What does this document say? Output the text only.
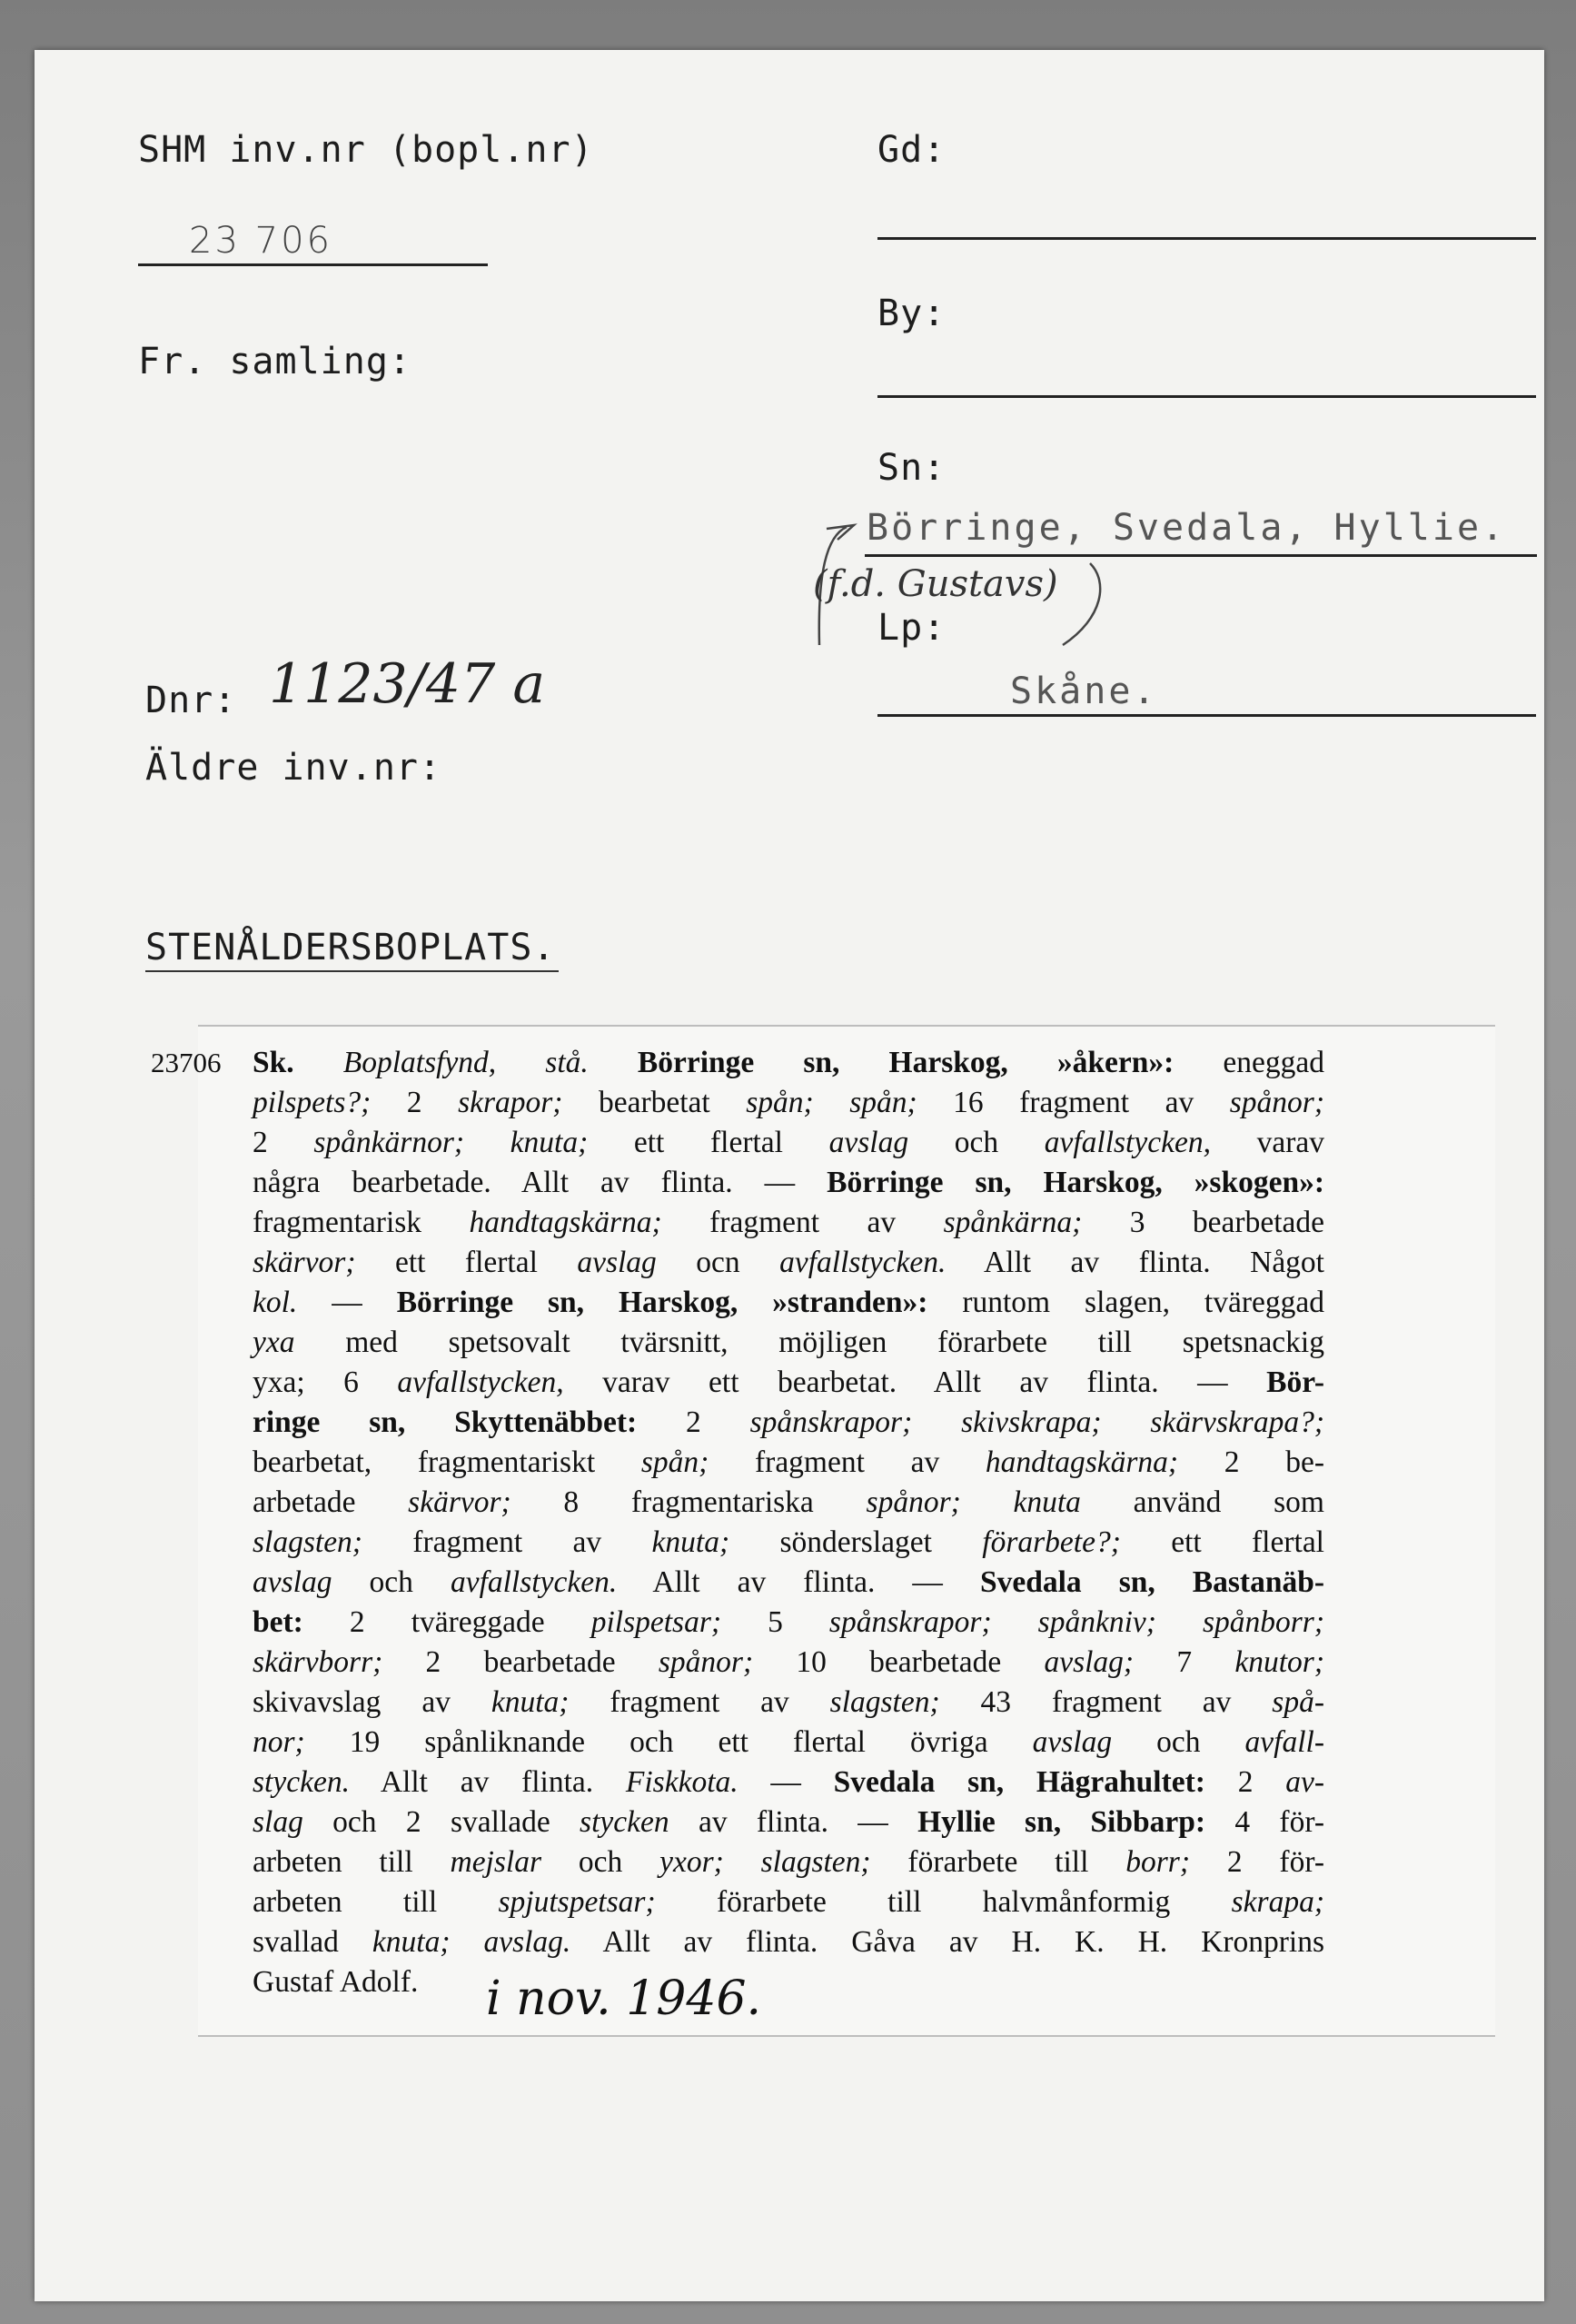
SHM inv.nr (bopl.nr)
23 706
Fr. samling:
Gd:
By:
Sn:
Börringe, Svedala, Hyllie.
(f.d. Gustavs)
Lp:
Skåne.
Dnr: 1123/47 a
Äldre inv.nr:
STENÅLDERSBOPLATS.
23706 Sk. Boplatsfynd, stå. Börringe sn, Harskog, »åkern»: eneggad
pilspets?; 2 skrapor; bearbetat spån; spån; 16 fragment av spånor;
2 spånkärnor; knuta; ett flertal avslag och avfallstycken, varav
några bearbetade. Allt av flinta. — Börringe sn, Harskog, »skogen»:
fragmentarisk handtagskärna; fragment av spånkärna; 3 bearbetade
skärvor; ett flertal avslag ocn avfallstycken. Allt av flinta. Något
kol. — Börringe sn, Harskog, »stranden»: runtom slagen, tväreggad
yxa med spetsovalt tvärsnitt, möjligen förarbete till spetsnackig
yxa; 6 avfallstycken, varav ett bearbetat. Allt av flinta. — Bör-
ringe sn, Skyttenäbbet: 2 spånskrapor; skivskrapa; skärvskrapa?;
bearbetat, fragmentariskt spån; fragment av handtagskärna; 2 be-
arbetade skärvor; 8 fragmentariska spånor; knuta använd som
slagsten; fragment av knuta; sönderslaget förarbete?; ett flertal
avslag och avfallstycken. Allt av flinta. — Svedala sn, Bastanäb-
bet: 2 tväreggade pilspetsar; 5 spånskrapor; spånkniv; spånborr;
skärvborr; 2 bearbetade spånor; 10 bearbetade avslag; 7 knutor;
skivavslag av knuta; fragment av slagsten; 43 fragment av spå-
nor; 19 spånliknande och ett flertal övriga avslag och avfall-
stycken. Allt av flinta. Fiskkota. — Svedala sn, Hägrahultet: 2 av-
slag och 2 svallade stycken av flinta. — Hyllie sn, Sibbarp: 4 för-
arbeten till mejslar och yxor; slagsten; förarbete till borr; 2 för-
arbeten till spjutspetsar; förarbete till halvmånformig skrapa;
svallad knuta; avslag. Allt av flinta. Gåva av H. K. H. Kronprins
Gustaf Adolf.	i nov. 1946.
